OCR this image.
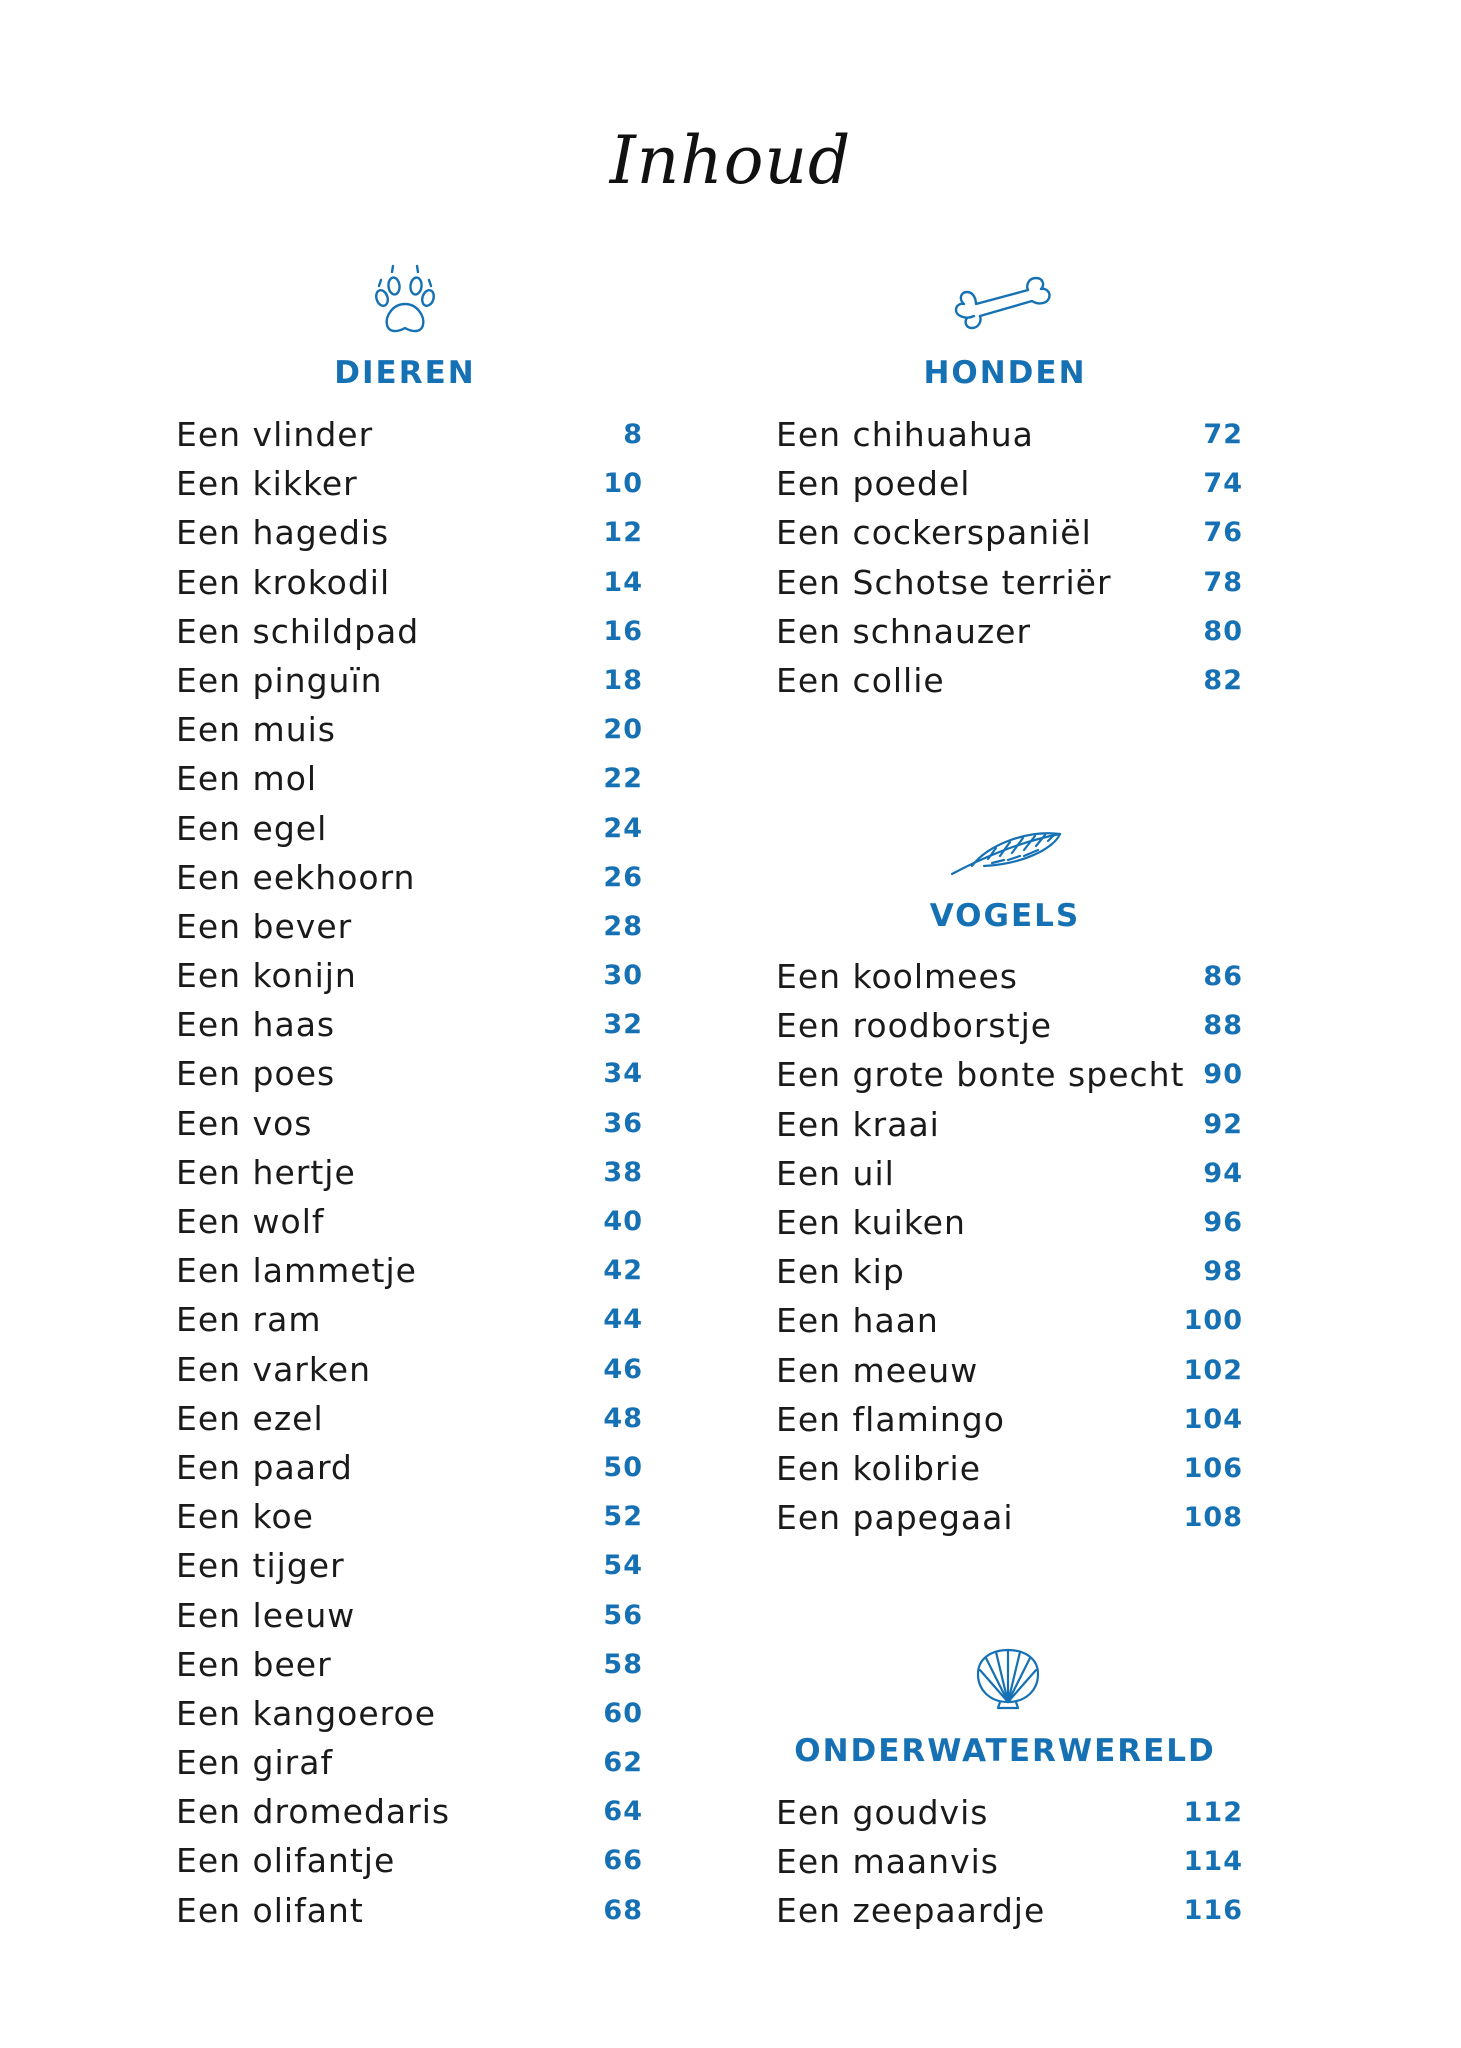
Inhoud
DIEREN
Een vlinder	8
Een kikker	10
Een hagedis	12
Een krokodil	14
Een schildpad	16
Een pinguïn	18
Een muis	20
Een mol	22
Een egel	24
Een eekhoorn	26
Een bever	28
Een konijn	30
Een haas	32
Een poes	34
Een vos	36
Een hertje	38
Een wolf	40
Een lammetje	42
Een ram	44
Een varken	46
Een ezel	48
Een paard	50
Een koe	52
Een tijger	54
Een leeuw	56
Een beer	58
Een kangoeroe	60
Een giraf	62
Een dromedaris	64
Een olifantje	66
Een olifant	68
HONDEN
Een chihuahua	72
Een poedel	74
Een cockerspaniël	76
Een Schotse terriër	78
Een schnauzer	80
Een collie	82
VOGELS
Een koolmees	86
Een roodborstje	88
Een grote bonte specht 90
Een kraai	92
Een uil	94
Een kuiken	96
Een kip	98
Een haan	100
Een meeuw	102
Een flamingo	104
Een kolibrie	106
Een papegaai	108
ONDERWATERWERELD
Een goudvis	112
Een maanvis	114
Een zeepaardje	116
